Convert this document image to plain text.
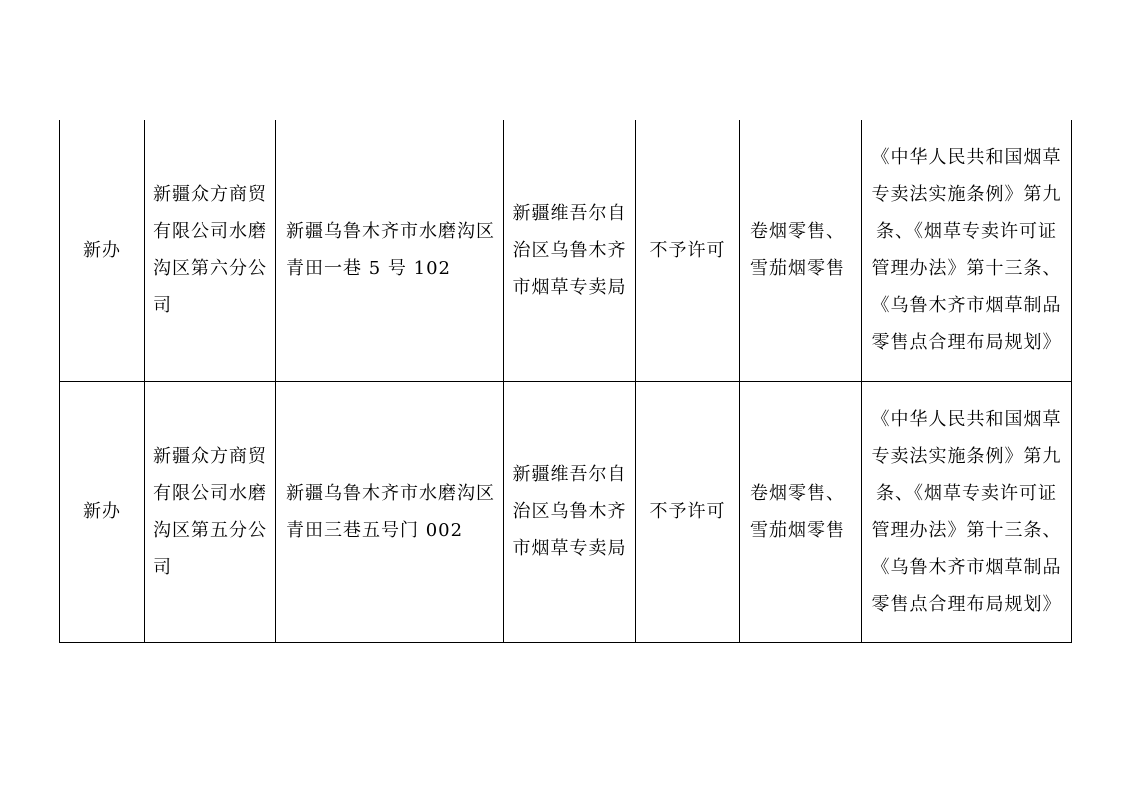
新办	新疆众方商贸有限公司水磨沟区第六分公司	新疆乌鲁木齐市水磨沟区青田一巷 5 号 102	新疆维吾尔自治区乌鲁木齐市烟草专卖局	不予许可	卷烟零售、雪茄烟零售	《中华人民共和国烟草专卖法实施条例》第九条、《烟草专卖许可证管理办法》第十三条、《乌鲁木齐市烟草制品零售点合理布局规划》
新办	新疆众方商贸有限公司水磨沟区第五分公司	新疆乌鲁木齐市水磨沟区青田三巷五号门 002	新疆维吾尔自治区乌鲁木齐市烟草专卖局	不予许可	卷烟零售、雪茄烟零售	《中华人民共和国烟草专卖法实施条例》第九条、《烟草专卖许可证管理办法》第十三条、《乌鲁木齐市烟草制品零售点合理布局规划》
